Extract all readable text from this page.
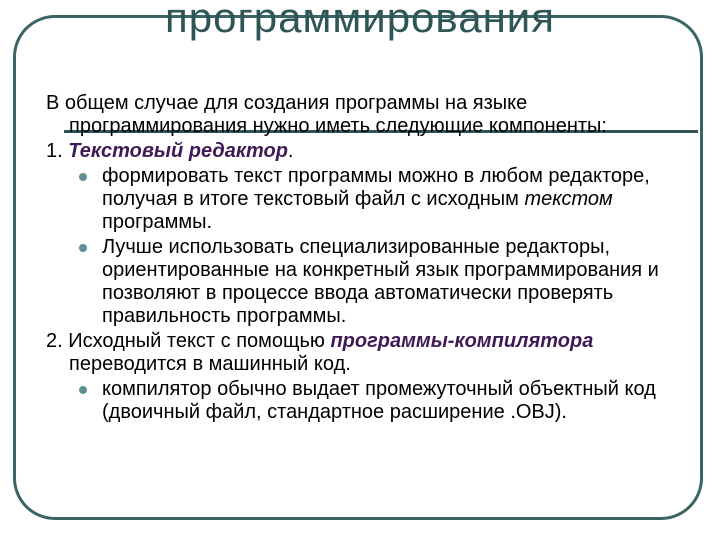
программирования

В общем случае для создания программы на языке программирования нужно иметь следующие компоненты:

1. Текстовый редактор.

формировать текст программы можно в любом редакторе, получая в итоге текстовый файл с исходным текстом программы.
Лучше использовать специализированные редакторы, ориентированные на конкретный язык программирования и позволяют в процессе ввода автоматически проверять правильность программы.

2. Исходный текст с помощью программы-компилятора переводится в машинный код.

компилятор обычно выдает промежуточный объектный код (двоичный файл, стандартное расширение .OBJ).
